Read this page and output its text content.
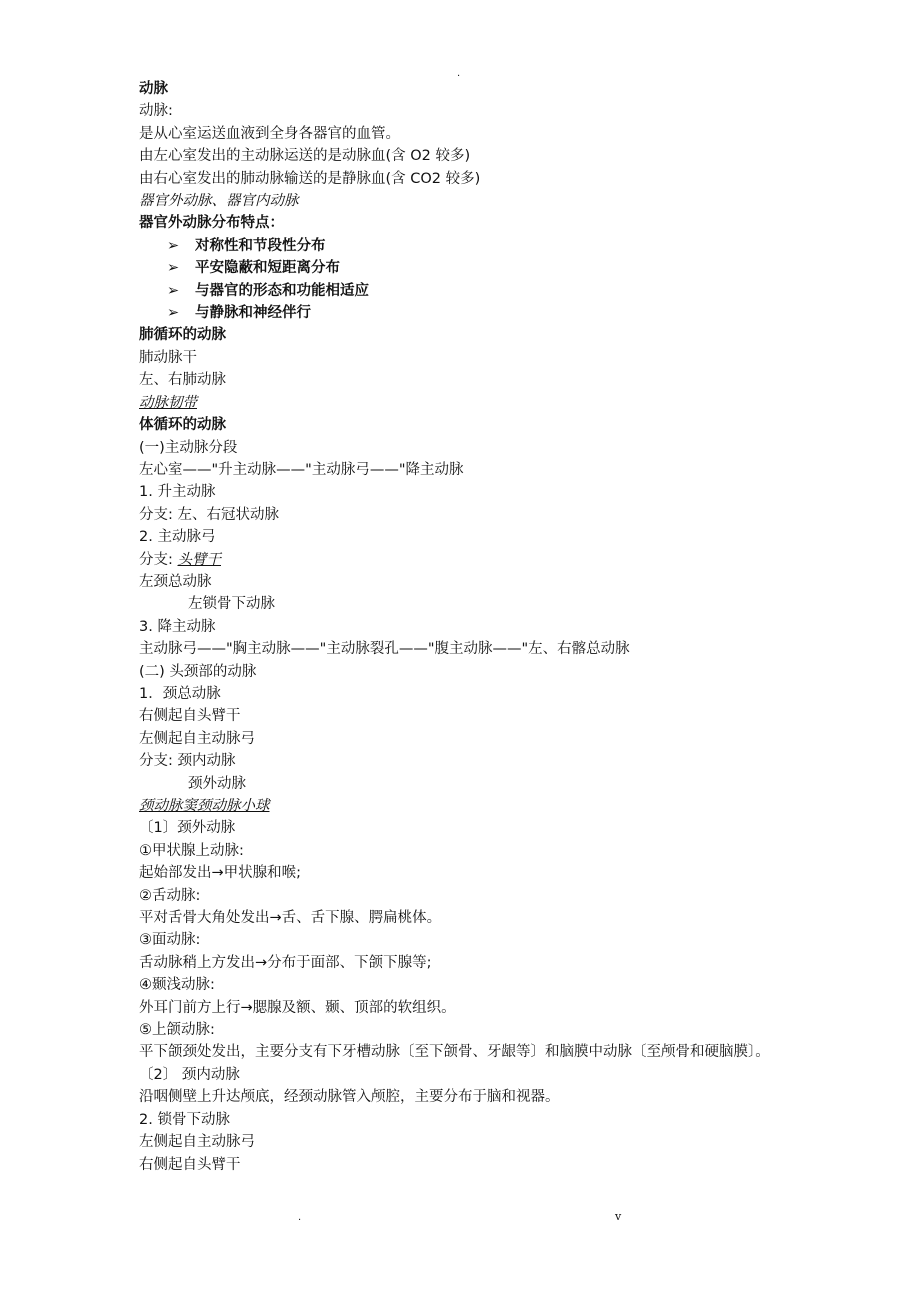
.
动脉
动脉:
是从心室运送血液到全身各器官的血管。
由左心室发出的主动脉运送的是动脉血(含 O2 较多)
由右心室发出的肺动脉输送的是静脉血(含 CO2 较多)
器官外动脉、器官内动脉
器官外动脉分布特点：
➢ 对称性和节段性分布
➢ 平安隐蔽和短距离分布
➢ 与器官的形态和功能相适应
➢ 与静脉和神经伴行
肺循环的动脉
肺动脉干
左、右肺动脉
动脉韧带
体循环的动脉
(一)主动脉分段
左心室——"升主动脉——"主动脉弓——"降主动脉
1. 升主动脉
分支: 左、右冠状动脉
2. 主动脉弓
分支: 头臂干
左颈总动脉
左锁骨下动脉
3. 降主动脉
主动脉弓——"胸主动脉——"主动脉裂孔——"腹主动脉——"左、右髂总动脉
(二) 头颈部的动脉
1．颈总动脉
右侧起自头臂干
左侧起自主动脉弓
分支: 颈内动脉
颈外动脉
颈动脉窦颈动脉小球
〔1〕颈外动脉
①甲状腺上动脉:
起始部发出→甲状腺和喉;
②舌动脉:
平对舌骨大角处发出→舌、舌下腺、腭扁桃体。
③面动脉:
舌动脉稍上方发出→分布于面部、下颌下腺等;
④颞浅动脉:
外耳门前方上行→腮腺及额、颞、顶部的软组织。
⑤上颌动脉:
平下颌颈处发出，主要分支有下牙槽动脉〔至下颌骨、牙龈等〕和脑膜中动脉〔至颅骨和硬脑膜〕。
〔2〕 颈内动脉
沿咽侧壁上升达颅底，经颈动脉管入颅腔，主要分布于脑和视器。
2. 锁骨下动脉
左侧起自主动脉弓
右侧起自头臂干
.	v
